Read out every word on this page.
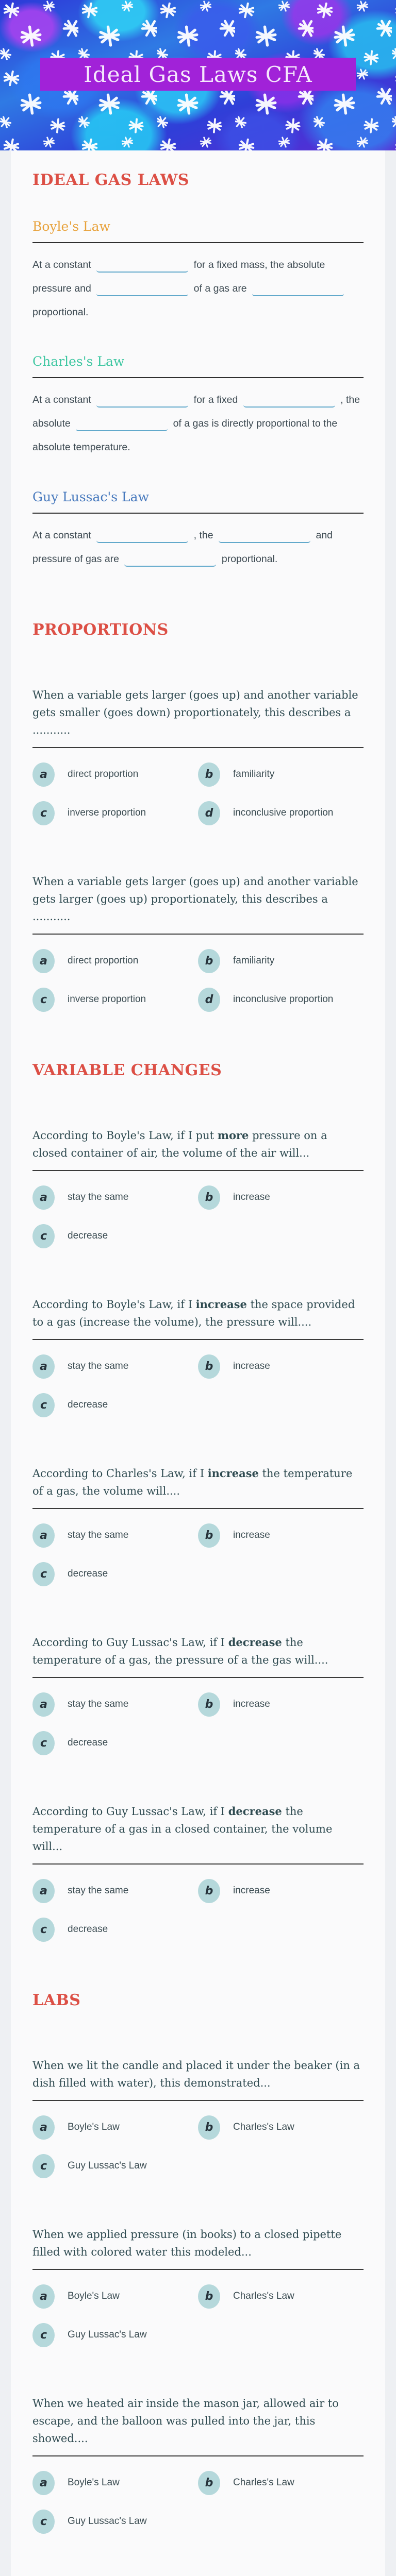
Ideal Gas Laws CFA
IDEAL GAS LAWS
Boyle's Law

At a constant	for a fixed mass, the absolute pressure and	of a gas are  proportional.

Charles's Law

At a constant	for a fixed	, the absolute	of a gas is directly proportional to the absolute temperature.

Guy Lussac's Law

At a constant	, the	and pressure of gas are	proportional.

PROPORTIONS

When a variable gets larger (goes up) and another variable gets smaller (goes down) proportionately, this describes a ...........

a	direct proportion	b	familiarity
c	inverse proportion	d	inconclusive proportion

When a variable gets larger (goes up) and another variable gets larger (goes up) proportionately, this describes a ...........

a	direct proportion	b	familiarity
c	inverse proportion	d	inconclusive proportion
VARIABLE CHANGES

According to Boyle's Law, if I put more pressure on a closed container of air, the volume of the air will...

a	stay the same	b	increase
c	decrease

According to Boyle's Law, if I increase the space provided to a gas (increase the volume), the pressure will....

a	stay the same	b	increase
c	decrease

According to Charles's Law, if I increase the temperature of a gas, the volume will....

a	stay the same	b	increase
c	decrease

According to Guy Lussac's Law, if I decrease the temperature of a gas, the pressure of a the gas will....

a	stay the same	b	increase
c	decrease

According to Guy Lussac's Law, if I decrease the temperature of a gas in a closed container, the volume will...

a	stay the same	b	increase
c	decrease
LABS

When we lit the candle and placed it under the beaker (in a dish filled with water), this demonstrated...

a	Boyle's Law	b	Charles's Law
c	Guy Lussac's Law

When we applied pressure (in books) to a closed pipette filled with colored water this modeled...

a	Boyle's Law	b	Charles's Law
c	Guy Lussac's Law

When we heated air inside the mason jar, allowed air to escape, and the balloon was pulled into the jar, this showed....

a	Boyle's Law	b	Charles's Law
c	Guy Lussac's Law
